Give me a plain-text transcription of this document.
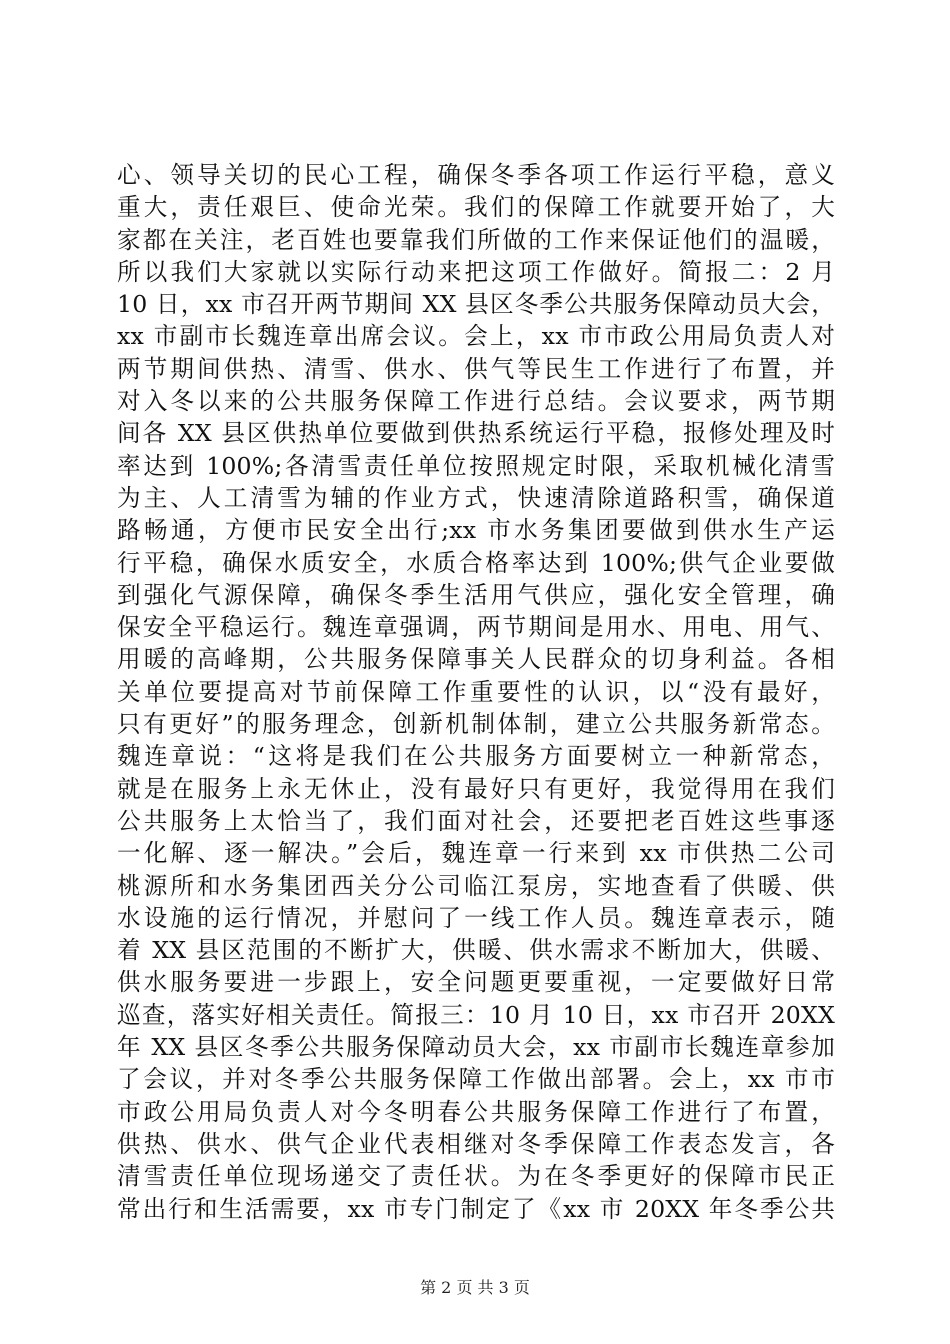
心、领导关切的民心工程，确保冬季各项工作运行平稳，意义
重大，责任艰巨、使命光荣。我们的保障工作就要开始了，大
家都在关注，老百姓也要靠我们所做的工作来保证他们的温暖，
所以我们大家就以实际行动来把这项工作做好。简报二：2 月
10 日，xx 市召开两节期间 XX 县区冬季公共服务保障动员大会，
xx 市副市长魏连章出席会议。会上，xx 市市政公用局负责人对
两节期间供热、清雪、供水、供气等民生工作进行了布置，并
对入冬以来的公共服务保障工作进行总结。会议要求，两节期
间各 XX 县区供热单位要做到供热系统运行平稳，报修处理及时
率达到 100%;各清雪责任单位按照规定时限，采取机械化清雪
为主、人工清雪为辅的作业方式，快速清除道路积雪，确保道
路畅通，方便市民安全出行;xx 市水务集团要做到供水生产运
行平稳，确保水质安全，水质合格率达到 100%;供气企业要做
到强化气源保障，确保冬季生活用气供应，强化安全管理，确
保安全平稳运行。魏连章强调，两节期间是用水、用电、用气、
用暖的高峰期，公共服务保障事关人民群众的切身利益。各相
关单位要提高对节前保障工作重要性的认识，以“没有最好，
只有更好”的服务理念，创新机制体制，建立公共服务新常态。
魏连章说：“这将是我们在公共服务方面要树立一种新常态，
就是在服务上永无休止，没有最好只有更好，我觉得用在我们
公共服务上太恰当了，我们面对社会，还要把老百姓这些事逐
一化解、逐一解决。”会后，魏连章一行来到 xx 市供热二公司
桃源所和水务集团西关分公司临江泵房，实地查看了供暖、供
水设施的运行情况，并慰问了一线工作人员。魏连章表示，随
着 XX 县区范围的不断扩大，供暖、供水需求不断加大，供暖、
供水服务要进一步跟上，安全问题更要重视，一定要做好日常
巡查，落实好相关责任。简报三：10 月 10 日，xx 市召开 20XX
年 XX 县区冬季公共服务保障动员大会，xx 市副市长魏连章参加
了会议，并对冬季公共服务保障工作做出部署。会上，xx 市市
市政公用局负责人对今冬明春公共服务保障工作进行了布置，
供热、供水、供气企业代表相继对冬季保障工作表态发言，各
清雪责任单位现场递交了责任状。为在冬季更好的保障市民正
常出行和生活需要，xx 市专门制定了《xx 市 20XX 年冬季公共
第 2 页 共 3 页
